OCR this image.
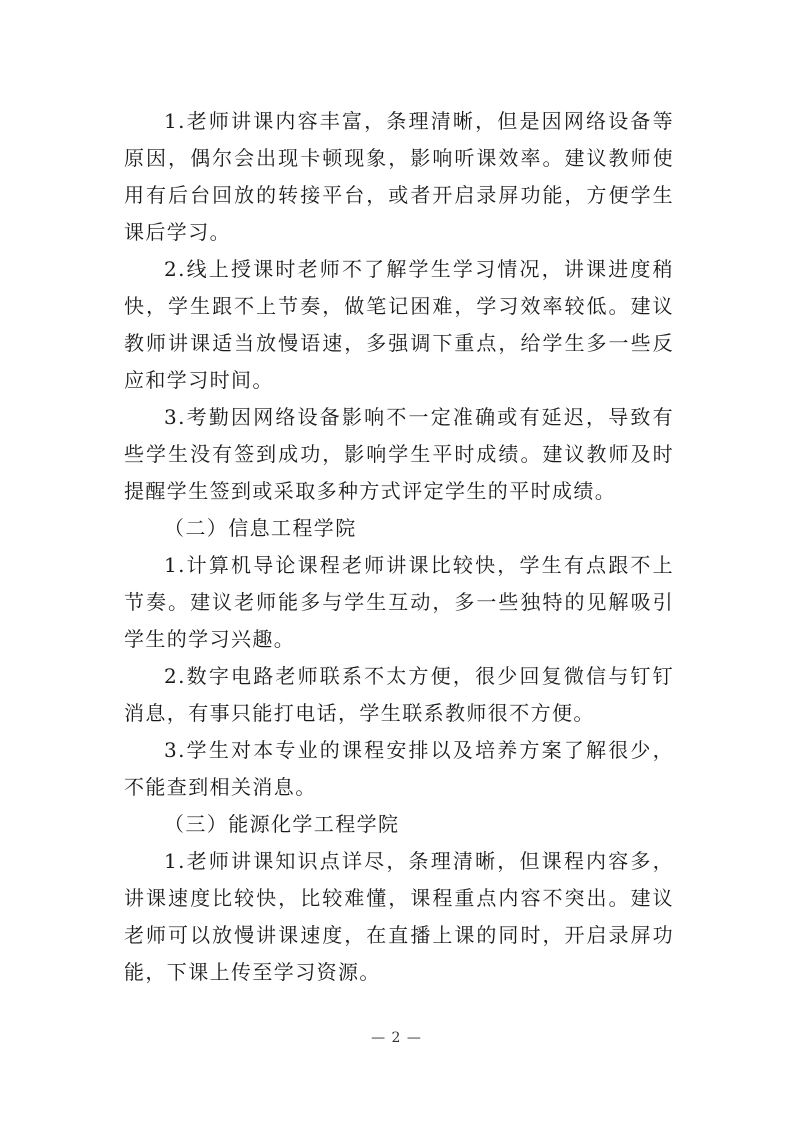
1.老师讲课内容丰富，条理清晰，但是因网络设备等原因，偶尔会出现卡顿现象，影响听课效率。建议教师使用有后台回放的转接平台，或者开启录屏功能，方便学生课后学习。

2.线上授课时老师不了解学生学习情况，讲课进度稍快，学生跟不上节奏，做笔记困难，学习效率较低。建议教师讲课适当放慢语速，多强调下重点，给学生多一些反应和学习时间。

3.考勤因网络设备影响不一定准确或有延迟，导致有些学生没有签到成功，影响学生平时成绩。建议教师及时提醒学生签到或采取多种方式评定学生的平时成绩。

（二）信息工程学院

1.计算机导论课程老师讲课比较快，学生有点跟不上节奏。建议老师能多与学生互动，多一些独特的见解吸引学生的学习兴趣。

2.数字电路老师联系不太方便，很少回复微信与钉钉消息，有事只能打电话，学生联系教师很不方便。

3.学生对本专业的课程安排以及培养方案了解很少，不能查到相关消息。

（三）能源化学工程学院

1.老师讲课知识点详尽，条理清晰，但课程内容多，讲课速度比较快，比较难懂，课程重点内容不突出。建议老师可以放慢讲课速度，在直播上课的同时，开启录屏功能，下课上传至学习资源。

— 2 —
